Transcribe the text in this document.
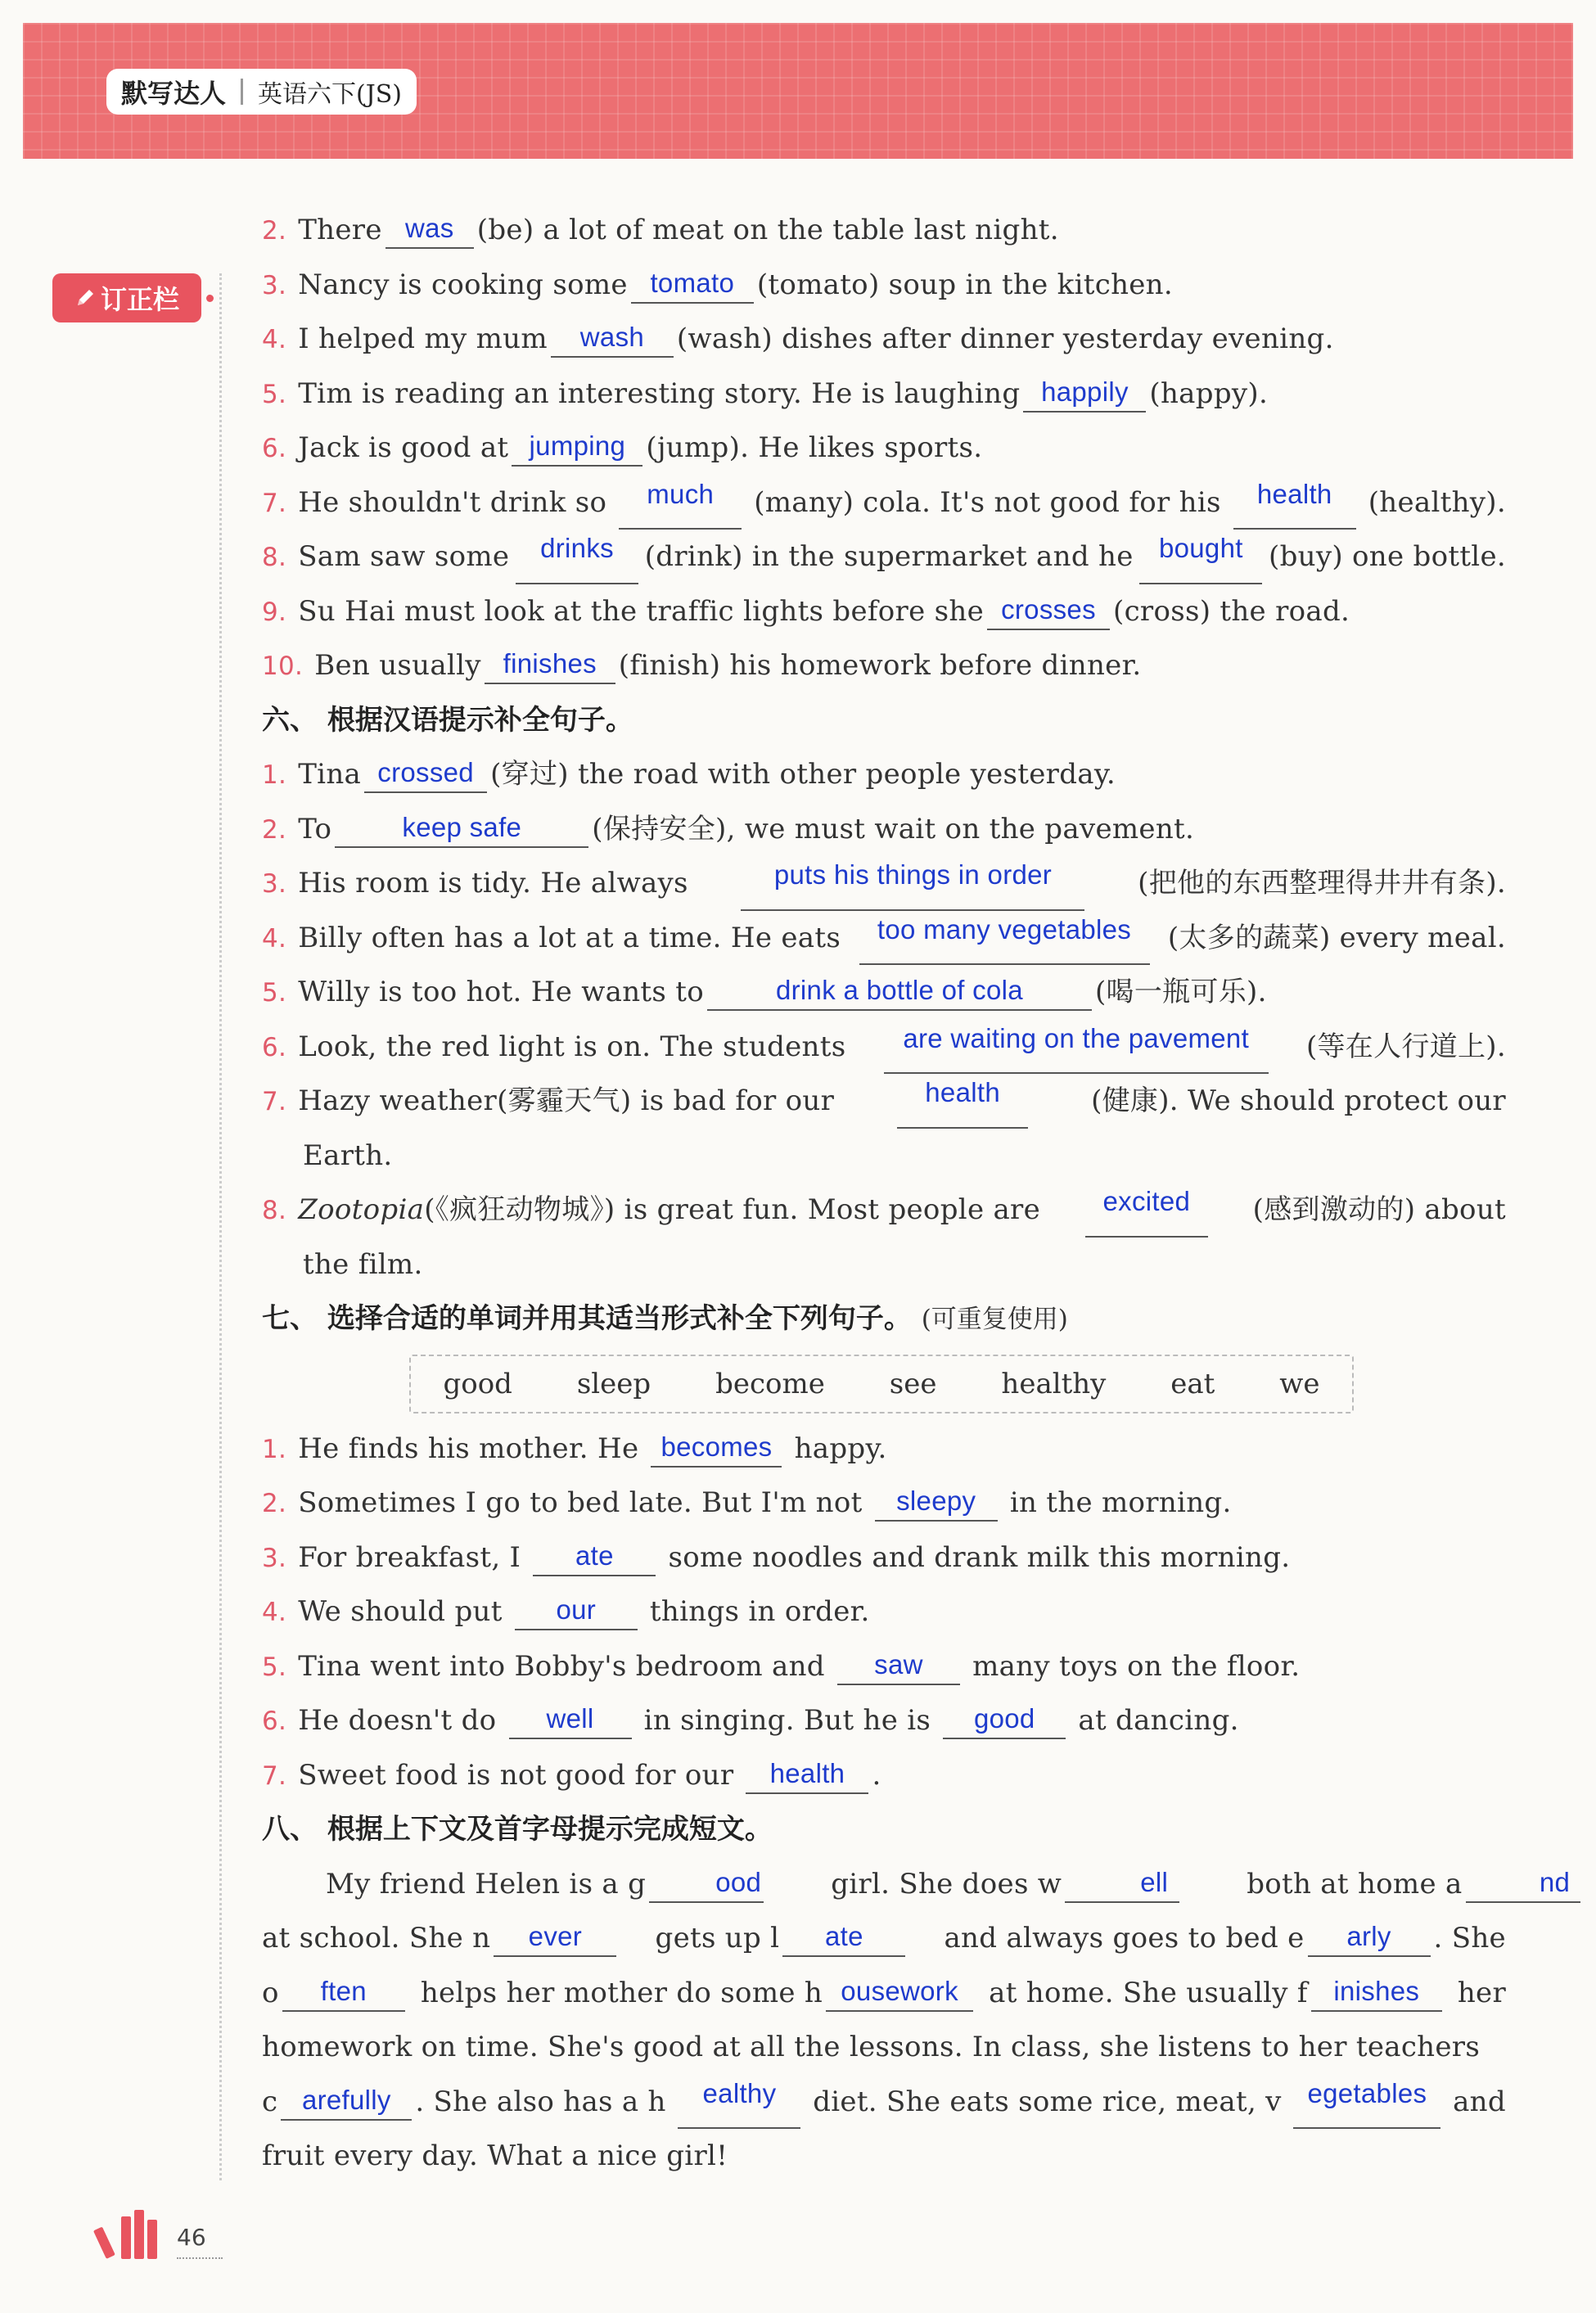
默写达人 英语六下(JS)
订正栏
2. There was (be) a lot of meat on the table last night.
3. Nancy is cooking some tomato (tomato) soup in the kitchen.
4. I helped my mum wash (wash) dishes after dinner yesterday evening.
5. Tim is reading an interesting story. He is laughing happily (happy).
6. Jack is good at jumping (jump). He likes sports.
7. He shouldn't drink so	much	(many) cola. It's not good for his	health	(healthy).
8. Sam saw some	drinks	(drink) in the supermarket and he bought (buy) one bottle.
9. Su Hai must look at the traffic lights before she crosses (cross) the road.
10. Ben usually finishes (finish) his homework before dinner.
六、 根据汉语提示补全句子。
1. Tina crossed (穿过) the road with other people yesterday.
2. To	keep safe	(保持安全), we must wait on the pavement.
3. His room is tidy. He always	puts his things in order	(把他的东西整理得井井有条).
4. Billy often has a lot at a time. He eats	too many vegetables	(太多的蔬菜) every meal.
5. Willy is too hot. He wants to	drink a bottle of cola	(喝一瓶可乐).
6. Look, the red light is on. The students	are waiting on the pavement	(等在人行道上).
7. Hazy weather(雾霾天气) is bad for our	health	(健康). We should protect our
Earth.
8. Zootopia(《疯狂动物城》) is great fun. Most people are	excited	(感到激动的) about
the film.
七、 选择合适的单词并用其适当形式补全下列句子。 (可重复使用)
good sleep become see healthy eat we
1. He finds his mother. He becomes happy.
2. Sometimes I go to bed late. But I'm not sleepy in the morning.
3. For breakfast, I ate some noodles and drank milk this morning.
4. We should put our things in order.
5. Tina went into Bobby's bedroom and saw many toys on the floor.
6. He doesn't do well in singing. But he is good at dancing.
7. Sweet food is not good for our health .
八、 根据上下文及首字母提示完成短文。
My friend Helen is a g	ood	girl. She does w	ell	both at home a	nd
at school. She n ever	gets up l ate	and always goes to bed e arly . She
o ften	helps her mother do some h ousework	at home. She usually f inishes	her
homework on time. She's good at all the lessons. In class, she listens to her teachers
c arefully . She also has a h	ealthy	diet. She eats some rice, meat, v egetables and
fruit every day. What a nice girl!
46
